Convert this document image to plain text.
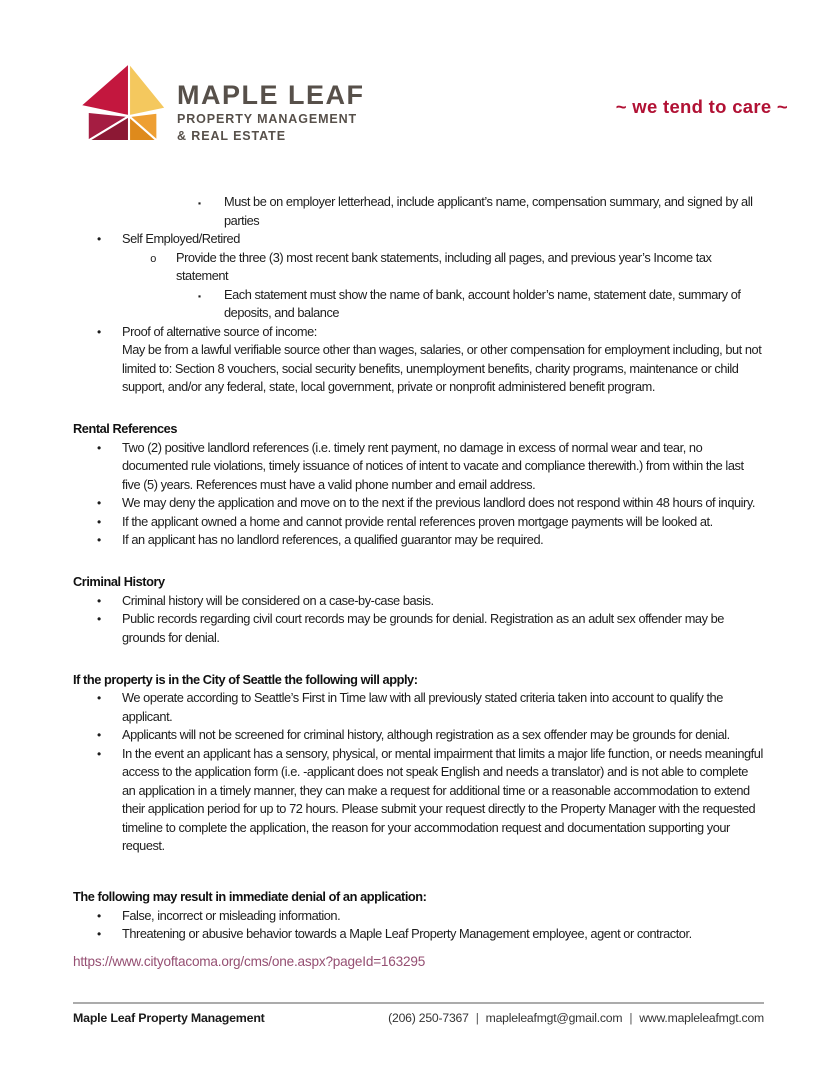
MAPLE LEAF
PROPERTY MANAGEMENT
& REAL ESTATE
~ we tend to care ~
▪	Must be on employer letterhead, include applicant’s name, compensation summary, and signed by all parties
•	Self Employed/Retired
o	Provide the three (3) most recent bank statements, including all pages, and previous year’s Income tax statement
▪	Each statement must show the name of bank, account holder’s name, statement date, summary of deposits, and balance
•	Proof of alternative source of income:
May be from a lawful verifiable source other than wages, salaries, or other compensation for employment including, but not limited to: Section 8 vouchers, social security benefits, unemployment benefits, charity programs, maintenance or child support, and/or any federal, state, local government, private or nonprofit administered benefit program.
Rental References
•	Two (2) positive landlord references (i.e. timely rent payment, no damage in excess of normal wear and tear, no documented rule violations, timely issuance of notices of intent to vacate and compliance therewith.) from within the last five (5) years. References must have a valid phone number and email address.
•	We may deny the application and move on to the next if the previous landlord does not respond within 48 hours of inquiry.
•	If the applicant owned a home and cannot provide rental references proven mortgage payments will be looked at.
•	If an applicant has no landlord references, a qualified guarantor may be required.
Criminal History
•	Criminal history will be considered on a case-by-case basis.
•	Public records regarding civil court records may be grounds for denial. Registration as an adult sex offender may be grounds for denial.
If the property is in the City of Seattle the following will apply:
•	We operate according to Seattle’s First in Time law with all previously stated criteria taken into account to qualify the applicant.
•	Applicants will not be screened for criminal history, although registration as a sex offender may be grounds for denial.
•	In the event an applicant has a sensory, physical, or mental impairment that limits a major life function, or needs meaningful access to the application form (i.e. -applicant does not speak English and needs a translator) and is not able to complete an application in a timely manner, they can make a request for additional time or a reasonable accommodation to extend their application period for up to 72 hours. Please submit your request directly to the Property Manager with the requested timeline to complete the application, the reason for your accommodation request and documentation supporting your request.
The following may result in immediate denial of an application:
•	False, incorrect or misleading information.
•	Threatening or abusive behavior towards a Maple Leaf Property Management employee, agent or contractor.
https://www.cityoftacoma.org/cms/one.aspx?pageId=163295
Maple Leaf Property Management	(206) 250-7367 | mapleleafmgt@gmail.com | www.mapleleafmgt.com
